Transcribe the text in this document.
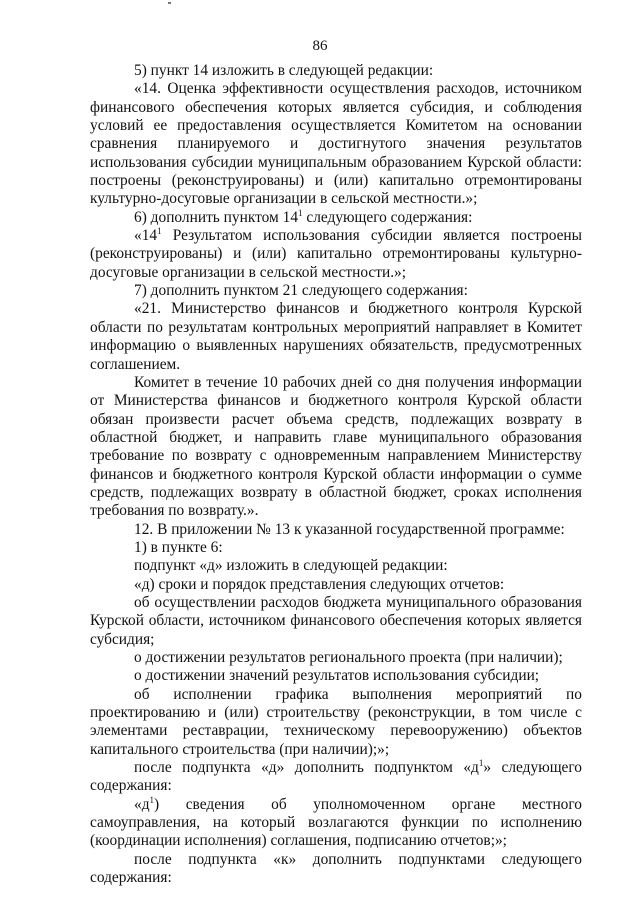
86

5) пункт 14 изложить в следующей редакции:

«14. Оценка эффективности осуществления расходов, источником финансового обеспечения которых является субсидия, и соблюдения условий ее предоставления осуществляется Комитетом на основании сравнения планируемого и достигнутого значения результатов использования субсидии муниципальным образованием Курской области: построены (реконструированы) и (или) капитально отремонтированы культурно-досуговые организации в сельской местности.»;

6) дополнить пунктом $14^1$ следующего содержания:

«$14^1$ Результатом использования субсидии является построены (реконструированы) и (или) капитально отремонтированы культурно-досуговые организации в сельской местности.»;

7) дополнить пунктом 21 следующего содержания:

«21. Министерство финансов и бюджетного контроля Курской области по результатам контрольных мероприятий направляет в Комитет информацию о выявленных нарушениях обязательств, предусмотренных соглашением.

Комитет в течение 10 рабочих дней со дня получения информации от Министерства финансов и бюджетного контроля Курской области обязан произвести расчет объема средств, подлежащих возврату в областной бюджет, и направить главе муниципального образования требование по возврату с одновременным направлением Министерству финансов и бюджетного контроля Курской области информации о сумме средств, подлежащих возврату в областной бюджет, сроках исполнения требования по возврату.».

12. В приложении № 13 к указанной государственной программе:

1) в пункте 6:

подпункт «д» изложить в следующей редакции:

«д) сроки и порядок представления следующих отчетов:

об осуществлении расходов бюджета муниципального образования Курской области, источником финансового обеспечения которых является субсидия;

о достижении результатов регионального проекта (при наличии);

о достижении значений результатов использования субсидии;

об исполнении графика выполнения мероприятий по проектированию и (или) строительству (реконструкции, в том числе с элементами реставрации, техническому перевооружению) объектов капитального строительства (при наличии);»;

после подпункта «д» дополнить подпунктом «$д^1$» следующего содержания:

«$д^1$) сведения об уполномоченном органе местного самоуправления, на который возлагаются функции по исполнению (координации исполнения) соглашения, подписанию отчетов;»;

после подпункта «к» дополнить подпунктами следующего содержания:
